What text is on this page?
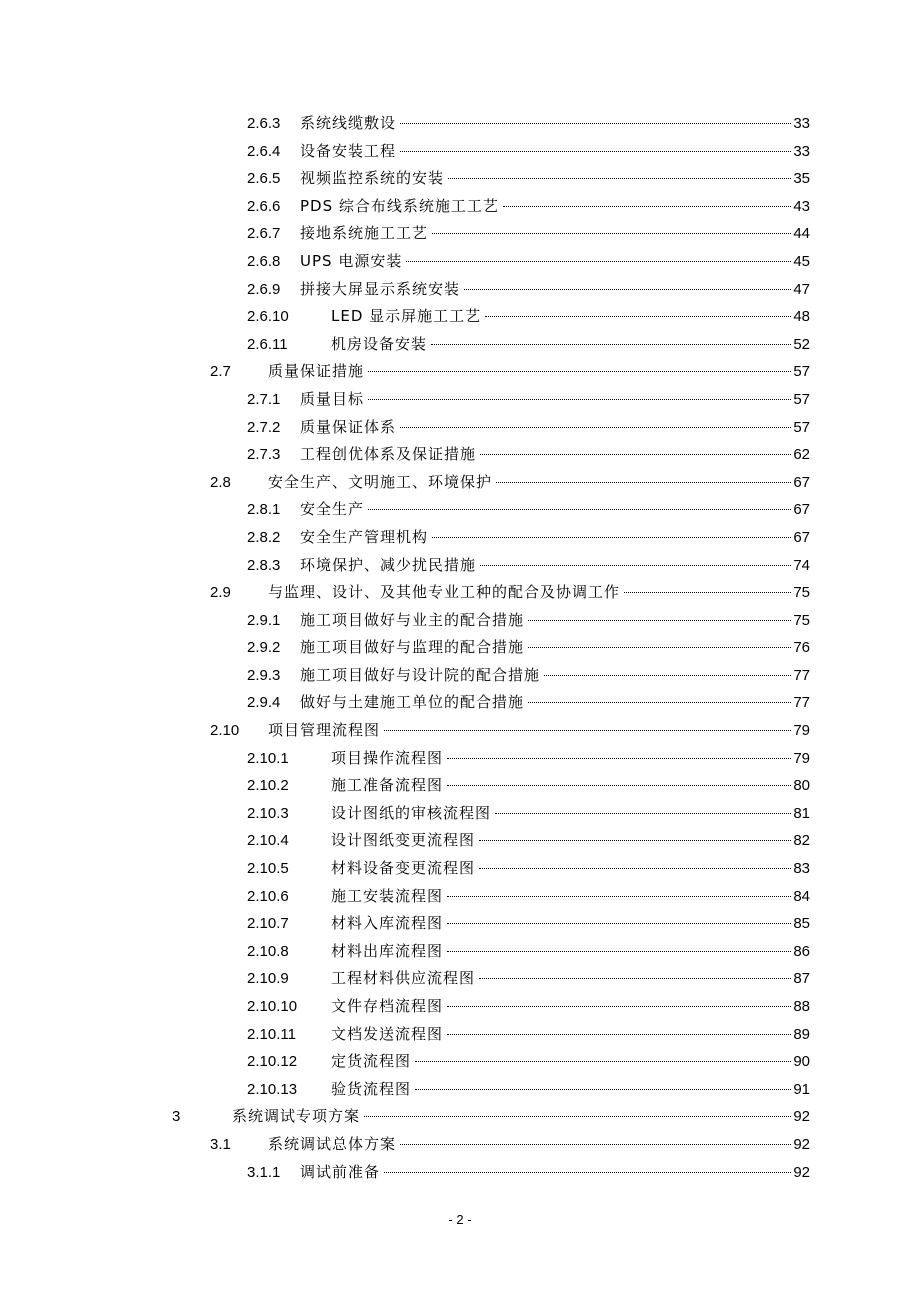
2.6.3 系统线缆敷设	33
2.6.4 设备安装工程	33
2.6.5 视频监控系统的安装	35
2.6.6 PDS 综合布线系统施工工艺	43
2.6.7 接地系统施工工艺	44
2.6.8 UPS 电源安装	45
2.6.9 拼接大屏显示系统安装	47
2.6.10	LED 显示屏施工工艺	48
2.6.11	机房设备安装	52
2.7 质量保证措施	57
2.7.1 质量目标	57
2.7.2 质量保证体系	57
2.7.3 工程创优体系及保证措施	62
2.8 安全生产、文明施工、环境保护	67
2.8.1 安全生产	67
2.8.2 安全生产管理机构	67
2.8.3 环境保护、减少扰民措施	74
2.9 与监理、设计、及其他专业工种的配合及协调工作	75
2.9.1 施工项目做好与业主的配合措施	75
2.9.2 施工项目做好与监理的配合措施	76
2.9.3 施工项目做好与设计院的配合措施	77
2.9.4 做好与土建施工单位的配合措施	77
2.10 项目管理流程图	79
2.10.1	项目操作流程图	79
2.10.2	施工准备流程图	80
2.10.3	设计图纸的审核流程图	81
2.10.4	设计图纸变更流程图	82
2.10.5	材料设备变更流程图	83
2.10.6	施工安装流程图	84
2.10.7	材料入库流程图	85
2.10.8	材料出库流程图	86
2.10.9	工程材料供应流程图	87
2.10.10 文件存档流程图	88
2.10.11 文档发送流程图	89
2.10.12 定货流程图	90
2.10.13 验货流程图	91
3	系统调试专项方案	92
3.1 系统调试总体方案	92
3.1.1 调试前准备	92
- 2 -
